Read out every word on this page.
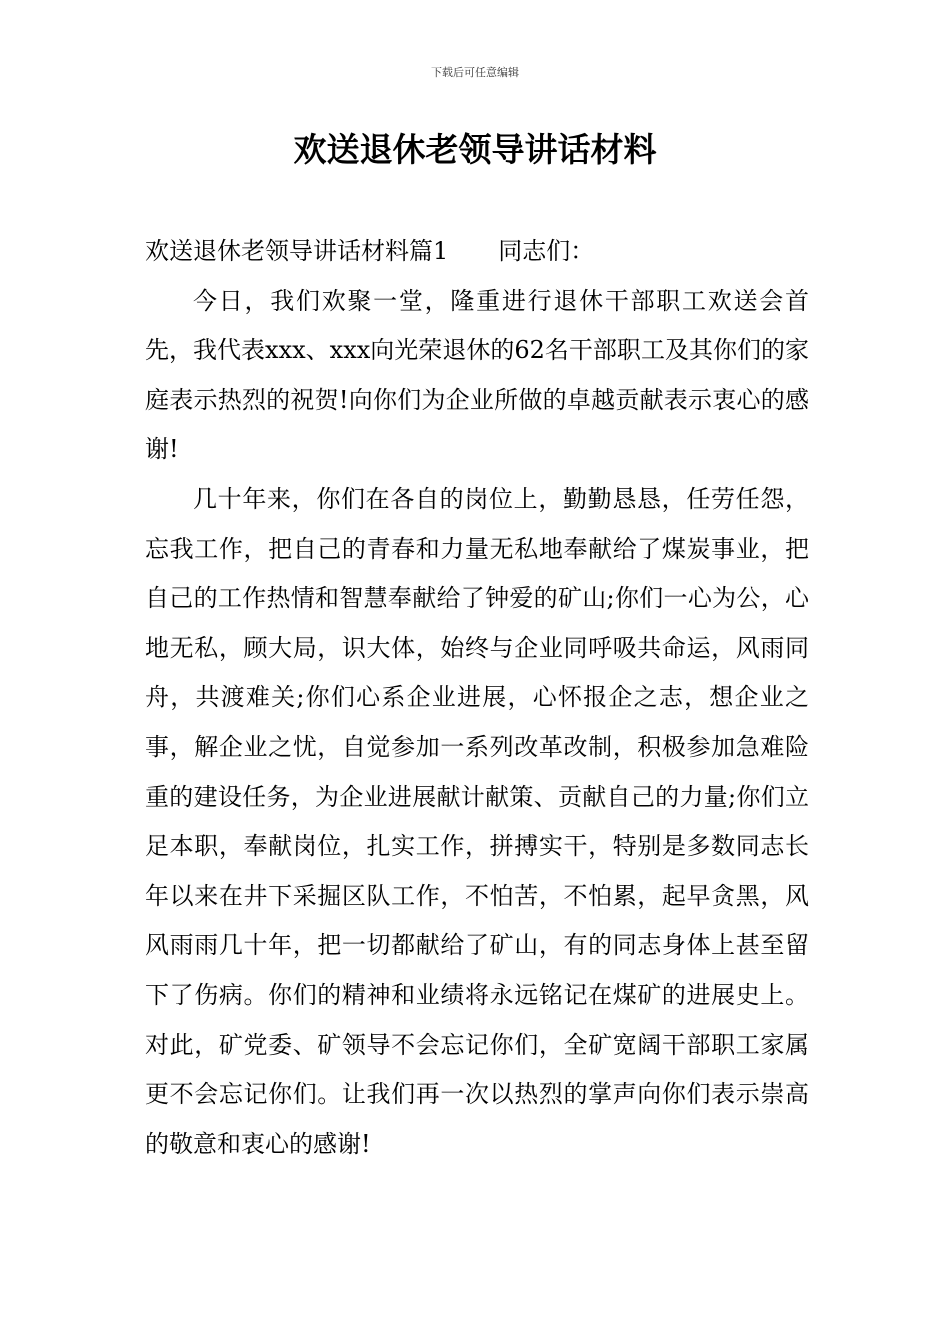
下载后可任意编辑
欢送退休老领导讲话材料

欢送退休老领导讲话材料篇1 同志们：

今日，我们欢聚一堂，隆重进行退休干部职工欢送会首先，我代表xxx、xxx向光荣退休的62名干部职工及其你们的家庭表示热烈的祝贺!向你们为企业所做的卓越贡献表示衷心的感谢!

几十年来，你们在各自的岗位上，勤勤恳恳，任劳任怨，忘我工作，把自己的青春和力量无私地奉献给了煤炭事业，把自己的工作热情和智慧奉献给了钟爱的矿山;你们一心为公，心地无私，顾大局，识大体，始终与企业同呼吸共命运，风雨同舟，共渡难关;你们心系企业进展，心怀报企之志，想企业之事，解企业之忧，自觉参加一系列改革改制，积极参加急难险重的建设任务，为企业进展献计献策、贡献自己的力量;你们立足本职，奉献岗位，扎实工作，拼搏实干，特别是多数同志长年以来在井下采掘区队工作，不怕苦，不怕累，起早贪黑，风风雨雨几十年，把一切都献给了矿山，有的同志身体上甚至留下了伤病。你们的精神和业绩将永远铭记在煤矿的进展史上。对此，矿党委、矿领导不会忘记你们，全矿宽阔干部职工家属更不会忘记你们。让我们再一次以热烈的掌声向你们表示崇高的敬意和衷心的感谢!
